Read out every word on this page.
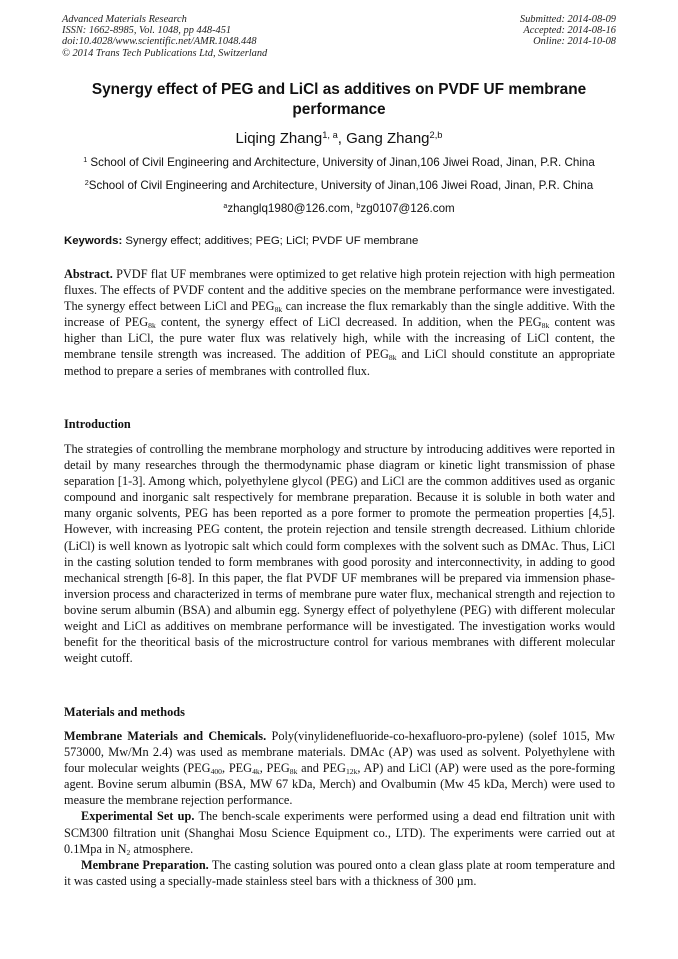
Advanced Materials Research
ISSN: 1662-8985, Vol. 1048, pp 448-451
doi:10.4028/www.scientific.net/AMR.1048.448
© 2014 Trans Tech Publications Ltd, Switzerland
Submitted: 2014-08-09
Accepted: 2014-08-16
Online: 2014-10-08
Synergy effect of PEG and LiCl as additives on PVDF UF membrane
performance
Liqing Zhang$^{1, a}$, Gang Zhang$^{2,b}$
$^1$ School of Civil Engineering and Architecture, University of Jinan,106 Jiwei Road, Jinan, P.R. China
$^2$School of Civil Engineering and Architecture, University of Jinan,106 Jiwei Road, Jinan, P.R. China
$^a$zhanglq1980@126.com, $^b$zg0107@126.com
Keywords: Synergy effect; additives; PEG; LiCl; PVDF UF membrane
Abstract. PVDF flat UF membranes were optimized to get relative high protein rejection with high permeation fluxes. The effects of PVDF content and the additive species on the membrane performance were investigated. The synergy effect between LiCl and $PEG_{8k}$ can increase the flux remarkably than the single additive. With the increase of $PEG_{8k}$ content, the synergy effect of LiCl decreased. In addition, when the $PEG_{8k}$ content was higher than LiCl, the pure water flux was relatively high, while with the increasing of LiCl content, the membrane tensile strength was increased. The addition of $PEG_{8k}$ and LiCl should constitute an appropriate method to prepare a series of membranes with controlled flux.
Introduction
The strategies of controlling the membrane morphology and structure by introducing additives were reported in detail by many researches through the thermodynamic phase diagram or kinetic light transmission of phase separation [1-3]. Among which, polyethylene glycol (PEG) and LiCl are the common additives used as organic compound and inorganic salt respectively for membrane preparation. Because it is soluble in both water and many organic solvents, PEG has been reported as a pore former to promote the permeation properties [4,5]. However, with increasing PEG content, the protein rejection and tensile strength decreased. Lithium chloride (LiCl) is well known as lyotropic salt which could form complexes with the solvent such as DMAc. Thus, LiCl in the casting solution tended to form membranes with good porosity and interconnectivity, in adding to good mechanical strength [6-8]. In this paper, the flat PVDF UF membranes will be prepared via immension phase-inversion process and characterized in terms of membrane pure water flux, mechanical strength and rejection to bovine serum albumin (BSA) and albumin egg. Synergy effect of polyethylene (PEG) with different molecular weight and LiCl as additives on membrane performance will be investigated. The investigation works would benefit for the theoritical basis of the microstructure control for various membranes with different molecular weight cutoff.
Materials and methods

Membrane Materials and Chemicals. Poly(vinylidenefluoride-co-hexafluoro-pro-pylene) (solef 1015, Mw 573000, Mw/Mn 2.4) was used as membrane materials. DMAc (AP) was used as solvent. Polyethylene with four molecular weights ($PEG_{400}$, $PEG_{4k}$, $PEG_{8k}$ and $PEG_{12k}$, AP) and LiCl (AP) were used as the pore-forming agent. Bovine serum albumin (BSA, MW 67 kDa, Merch) and Ovalbumin (Mw 45 kDa, Merch) were used to measure the membrane rejection performance.

Experimental Set up. The bench-scale experiments were performed using a dead end filtration unit with SCM300 filtration unit (Shanghai Mosu Science Equipment co., LTD). The experiments were carried out at 0.1Mpa in $N_2$ atmosphere.

Membrane Preparation. The casting solution was poured onto a clean glass plate at room temperature and it was casted using a specially-made stainless steel bars with a thickness of 300 µm.
